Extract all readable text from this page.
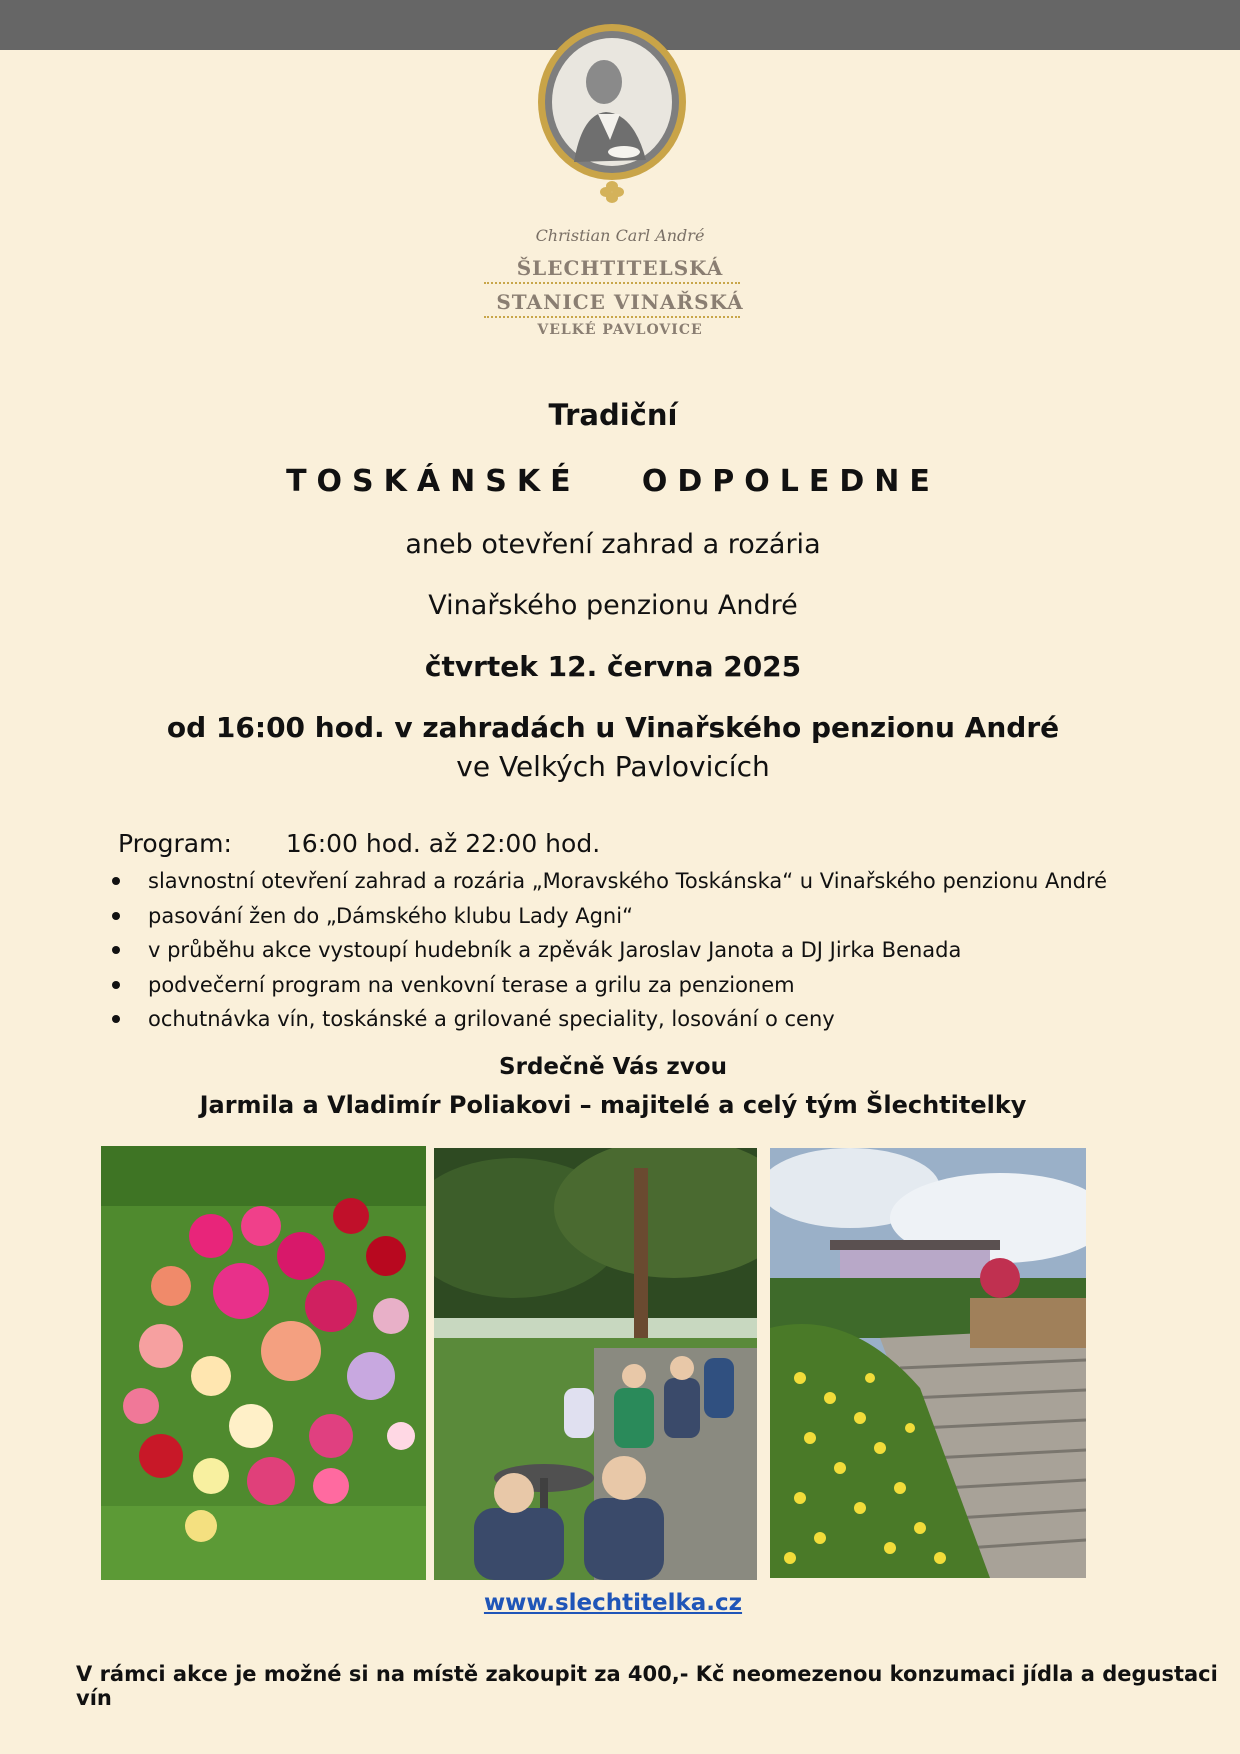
Christian Carl André
ŠLECHTITELSKÁ
STANICE VINAŘSKÁ
VELKÉ PAVLOVICE
Tradiční
TOSKÁNSKÉ   ODPOLEDNE
aneb otevření zahrad a rozária
Vinařského penzionu André
čtvrtek 12. června 2025
od 16:00 hod. v zahradách u Vinařského penzionu André
ve Velkých Pavlovicích
Program: 16:00 hod. až 22:00 hod.
slavnostní otevření zahrad a rozária „Moravského Toskánska“ u Vinařského penzionu André
pasování žen do „Dámského klubu Lady Agni“
v průběhu akce vystoupí hudebník a zpěvák Jaroslav Janota a DJ Jirka Benada
podvečerní program na venkovní terase a grilu za penzionem
ochutnávka vín, toskánské a grilované speciality, losování o ceny
Srdečně Vás zvou
Jarmila a Vladimír Poliakovi – majitelé a celý tým Šlechtitelky
www.slechtitelka.cz
V rámci akce je možné si na místě zakoupit za 400,- Kč neomezenou konzumaci jídla a degustaci vín
